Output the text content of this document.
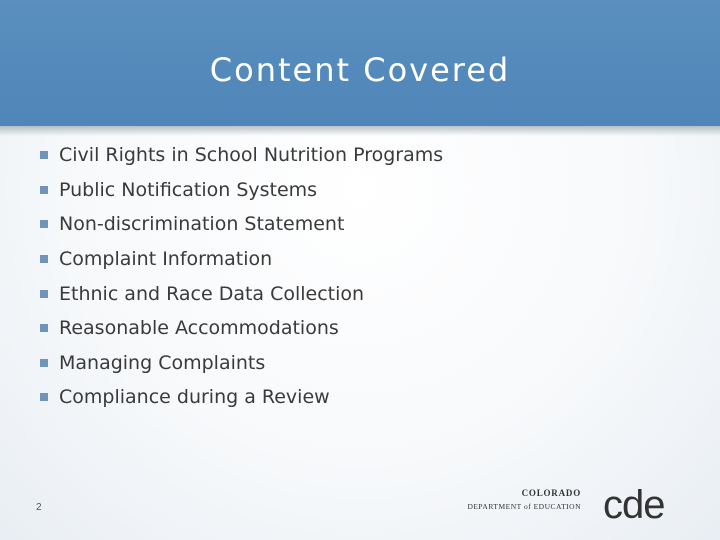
Content Covered
Civil Rights in School Nutrition Programs
Public Notification Systems
Non-discrimination Statement
Complaint Information
Ethnic and Race Data Collection
Reasonable Accommodations
Managing Complaints
Compliance during a Review
2
COLORADO
DEPARTMENT of EDUCATION cde
